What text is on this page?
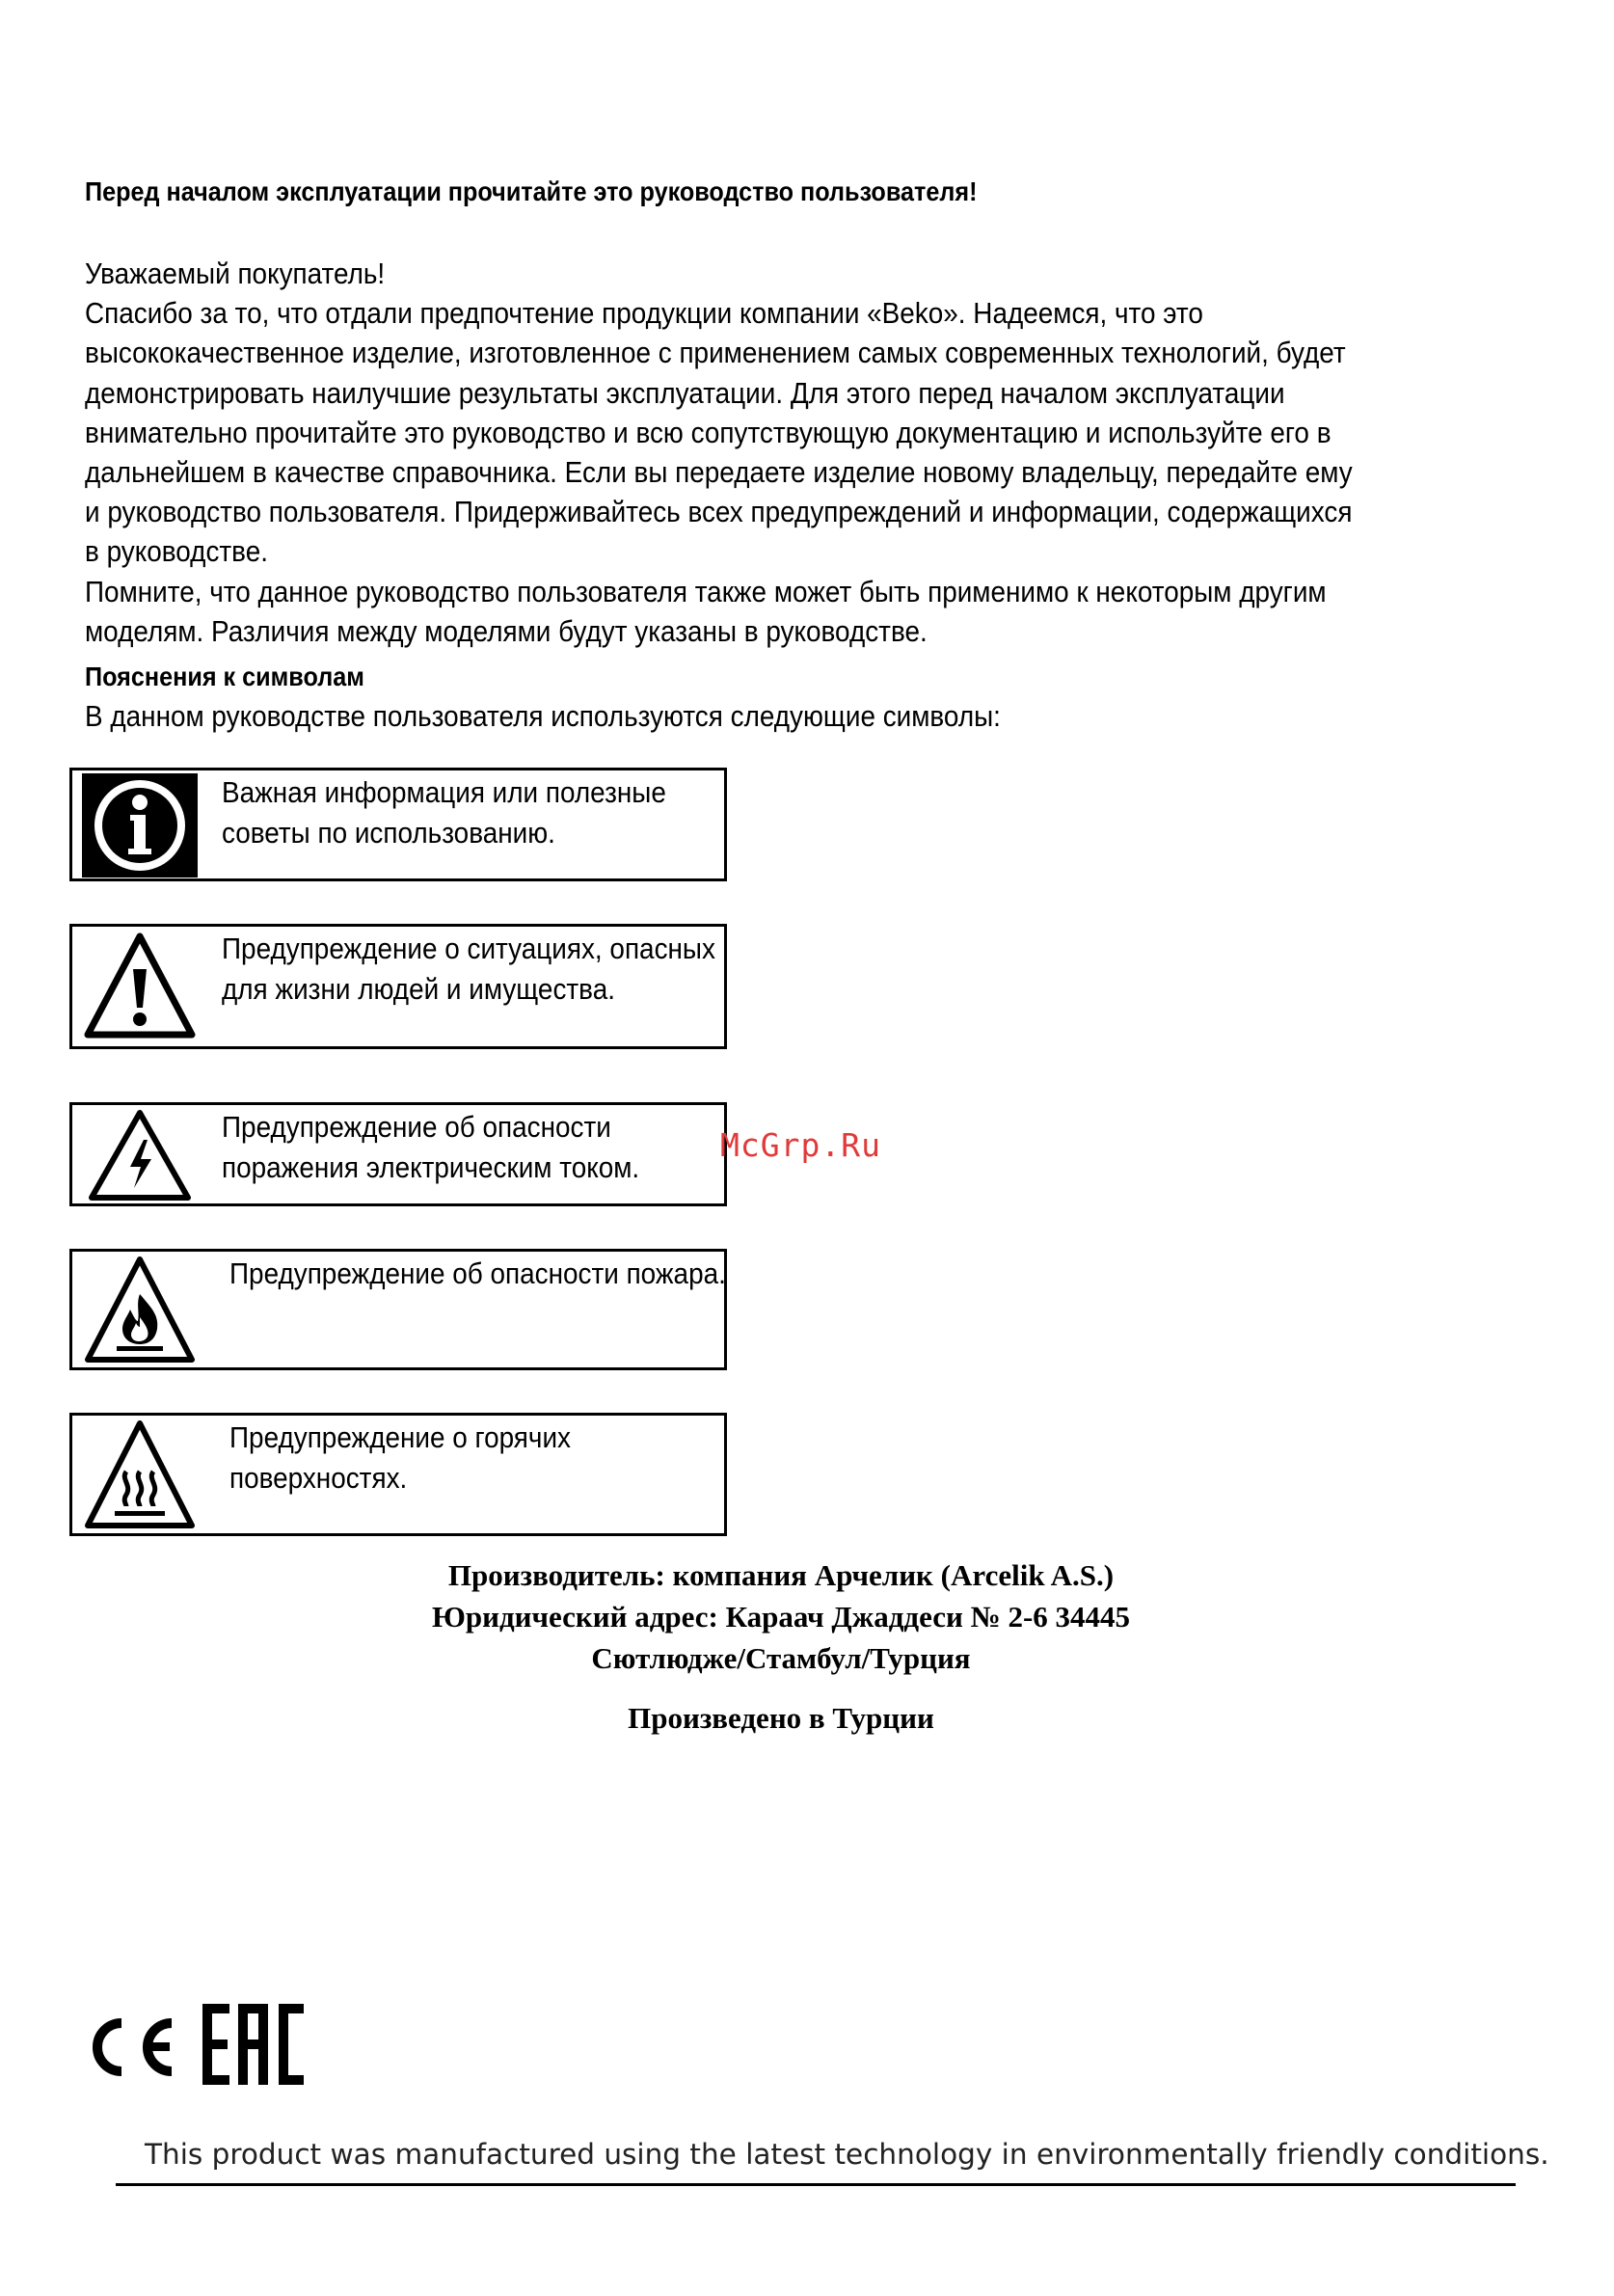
Перед началом эксплуатации прочитайте это руководство пользователя!

Уважаемый покупатель!

Спасибо за то, что отдали предпочтение продукции компании «Beko». Надеемся, что это высококачественное изделие, изготовленное с применением самых современных технологий, будет демонстрировать наилучшие результаты эксплуатации. Для этого перед началом эксплуатации внимательно прочитайте это руководство и всю сопутствующую документацию и используйте его в дальнейшем в качестве справочника. Если вы передаете изделие новому владельцу, передайте ему и руководство пользователя. Придерживайтесь всех предупреждений и информации, содержащихся в руководстве.

Помните, что данное руководство пользователя также может быть применимо к некоторым другим моделям. Различия между моделями будут указаны в руководстве.

Пояснения к символам
В данном руководстве пользователя используются следующие символы:
Важная информация или полезные советы по использованию.
Предупреждение о ситуациях, опасных для жизни людей и имущества.
Предупреждение об опасности поражения электрическим током.
Предупреждение об опасности пожара.
Предупреждение о горячих поверхностях.
McGrp.Ru
Производитель: компания Арчелик (Arcelik A.S.)
Юридический адрес: Караач Джаддеси № 2-6 34445
Сютлюдже/Стамбул/Турция
Произведено в Турции
This product was manufactured using the latest technology in environmentally friendly conditions.
